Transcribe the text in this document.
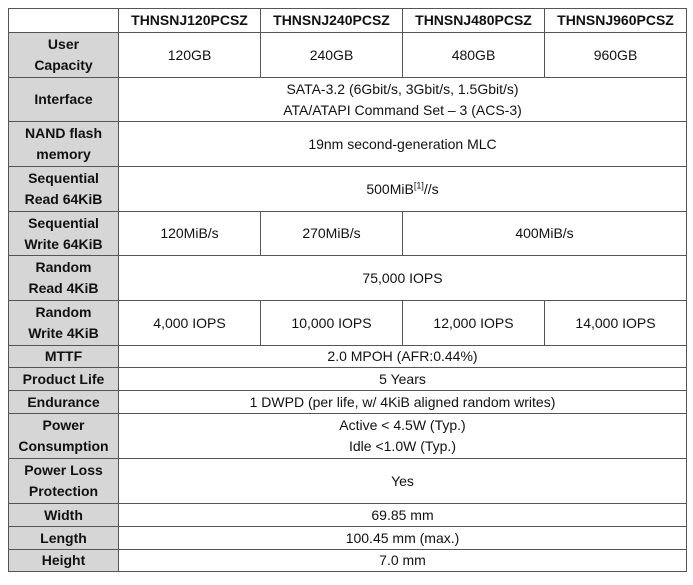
	THNSNJ120PCSZ	THNSNJ240PCSZ	THNSNJ480PCSZ	THNSNJ960PCSZ

User
Capacity	120GB	240GB	480GB	960GB
Interface	SATA-3.2 (6Gbit/s, 3Gbit/s, 1.5Gbit/s)
ATA/ATAPI Command Set – 3 (ACS-3)			

NAND flash
memory	19nm second-generation MLC			

Sequential
Read 64KiB	500MiB[1]//s			

Sequential
Write 64KiB	120MiB/s	270MiB/s	400MiB/s	

Random
Read 4KiB	75,000 IOPS			

Random
Write 4KiB	4,000 IOPS	10,000 IOPS	12,000 IOPS	14,000 IOPS
MTTF	2.0 MPOH (AFR:0.44%)			
Product Life	5 Years			
Endurance	1 DWPD (per life, w/ 4KiB aligned random writes)			

Power
Consumption	Active < 4.5W (Typ.)
Idle <1.0W (Typ.)			

Power Loss
Protection	Yes			
Width	69.85 mm			
Length	100.45 mm (max.)			
Height	7.0 mm			
